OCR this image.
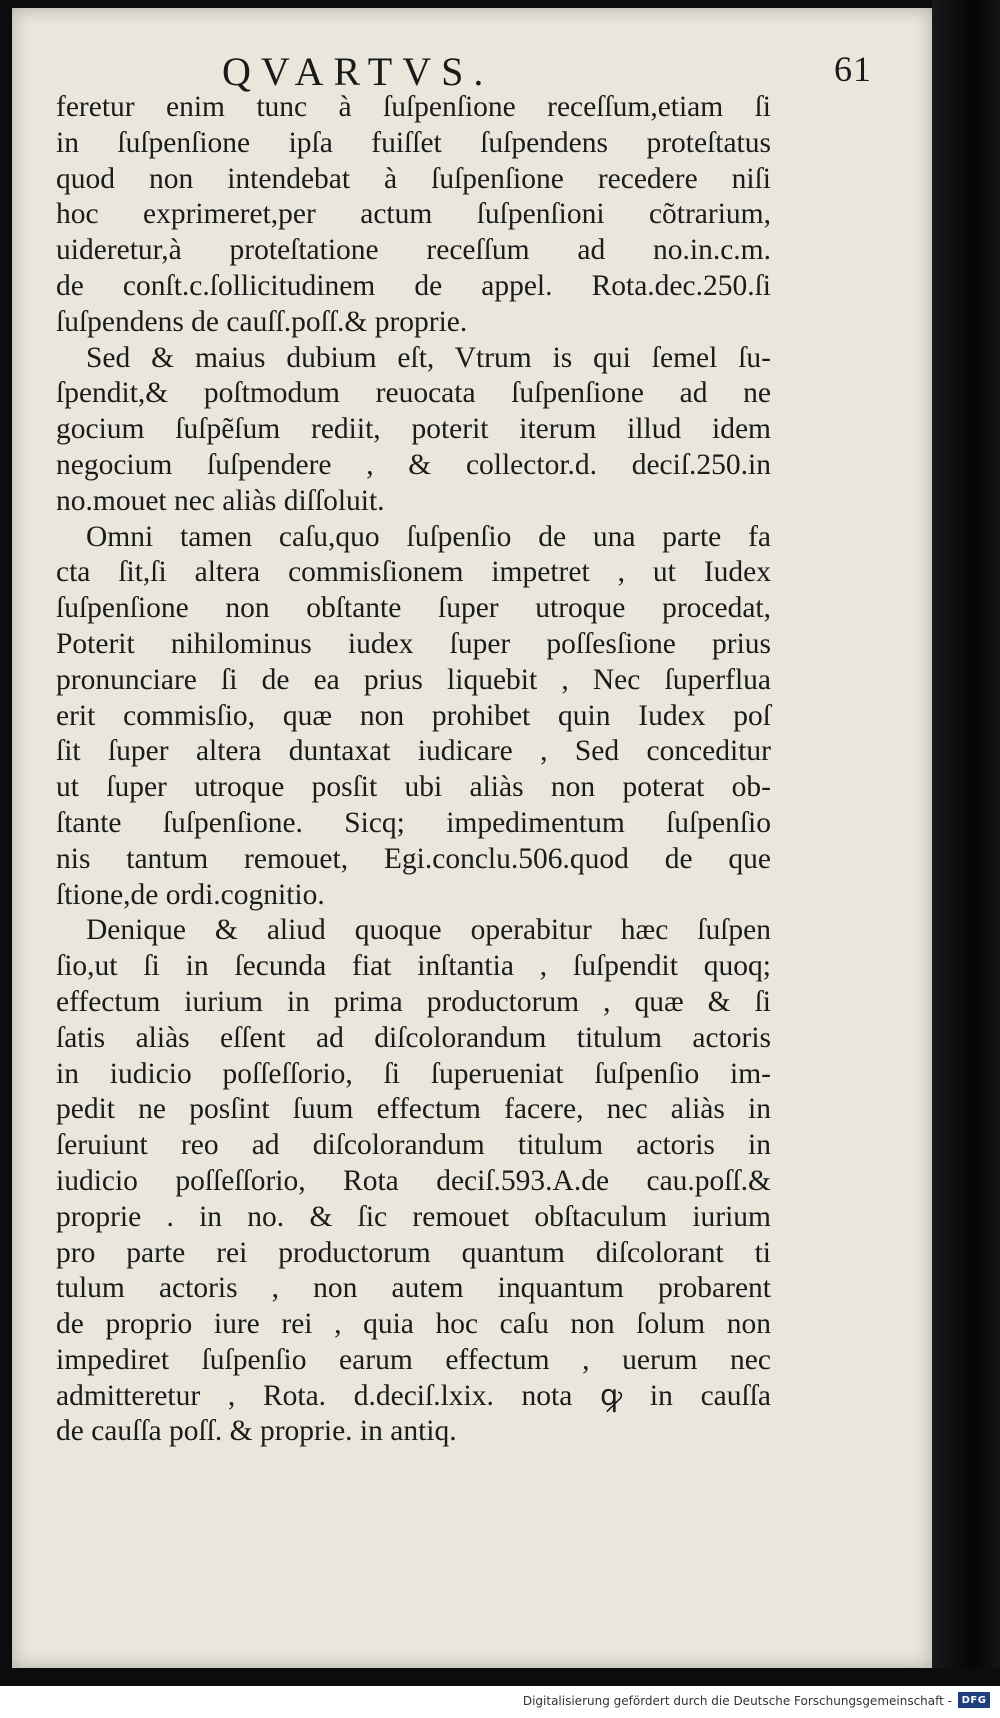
QVARTVS.	61
feretur enim tunc à ſuſpenſione receſſum,etiam ſi
in ſuſpenſione ipſa fuiſſet ſuſpendens proteſtatus
quod non intendebat à ſuſpenſione recedere niſi
hoc exprimeret,per actum ſuſpenſioni cõtrarium,
uideretur,à proteſtatione receſſum ad no.in.c.m.
de conſt.c.ſollicitudinem de appel. Rota.dec.250.ſi
ſuſpendens de cauſſ.poſſ.& proprie.
Sed & maius dubium eſt, Vtrum is qui ſemel ſu-
ſpendit,& poſtmodum reuocata ſuſpenſione ad ne
gocium ſuſpẽſum rediit, poterit iterum illud idem
negocium ſuſpendere , & collector.d. deciſ.250.in
no.mouet nec aliàs diſſoluit.
Omni tamen caſu,quo ſuſpenſio de una parte fa
cta ſit,ſi altera commisſionem impetret , ut Iudex
ſuſpenſione non obſtante ſuper utroque procedat,
Poterit nihilominus iudex ſuper poſſesſione prius
pronunciare ſi de ea prius liquebit , Nec ſuperflua
erit commisſio, quæ non prohibet quin Iudex poſ
ſit ſuper altera duntaxat iudicare , Sed conceditur
ut ſuper utroque posſit ubi aliàs non poterat ob-
ſtante ſuſpenſione. Sicq; impedimentum ſuſpenſio
nis tantum remouet, Egi.conclu.506.quod de que
ſtione,de ordi.cognitio.
Denique & aliud quoque operabitur hæc ſuſpen
ſio,ut ſi in ſecunda fiat inſtantia , ſuſpendit quoq;
effectum iurium in prima productorum , quæ & ſi
ſatis aliàs eſſent ad diſcolorandum titulum actoris
in iudicio poſſeſſorio, ſi ſuperueniat ſuſpenſio im-
pedit ne posſint ſuum effectum facere, nec aliàs in
ſeruiunt reo ad diſcolorandum titulum actoris in
iudicio poſſeſſorio, Rota deciſ.593.A.de cau.poſſ.&
proprie . in no. & ſic remouet obſtaculum iurium
pro parte rei productorum quantum diſcolorant ti
tulum actoris , non autem inquantum probarent
de proprio iure rei , quia hoc caſu non ſolum non
impediret ſuſpenſio earum effectum , uerum nec
admitteretur , Rota. d.deciſ.lxix. nota ꝙ in cauſſa
de cauſſa poſſ. & proprie. in antiq.
Digitalisierung gefördert durch die Deutsche Forschungsgemeinschaft - DFG
